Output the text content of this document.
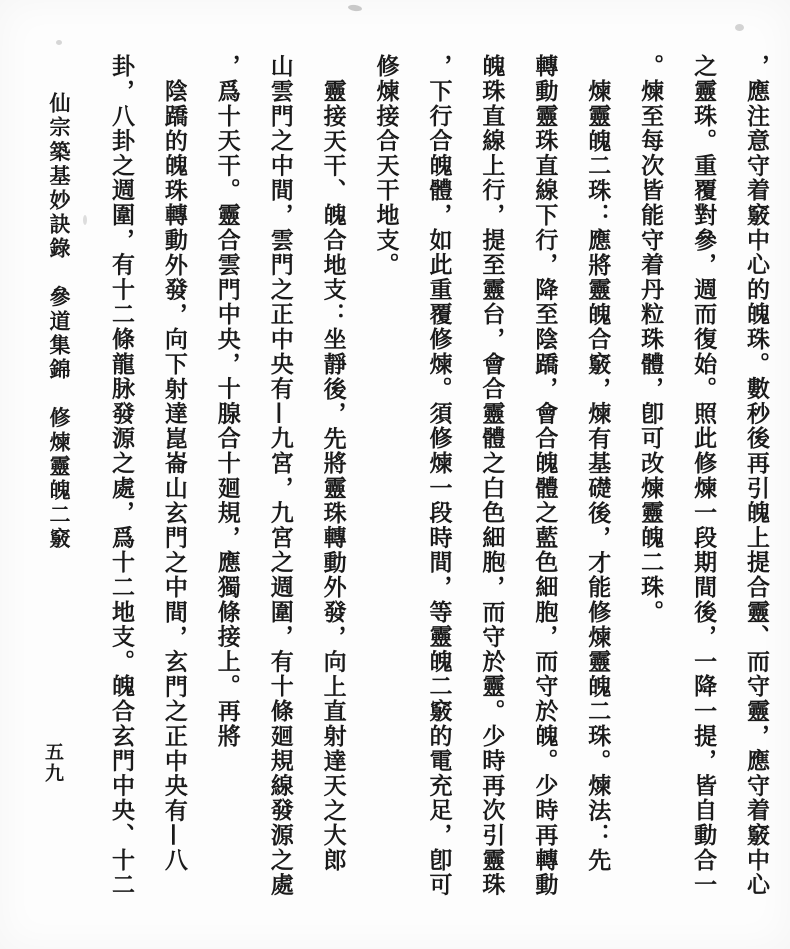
仙宗築基妙訣錄　參道集錦　修煉靈魄二竅
五九	，應注意守着竅中心的魄珠。數秒後再引魄上提合靈、而守靈，應守着竅中心
之靈珠。重覆對參，週而復始。照此修煉一段期間後，一降一提，皆自動合一
。煉至每次皆能守着丹粒珠體，卽可改煉靈魄二珠。
煉靈魄二珠：應將靈魄合竅，煉有基礎後，才能修煉靈魄二珠。煉法：先
轉動靈珠直線下行，降至陰蹻，會合魄體之藍色細胞，而守於魄。少時再轉動
魄珠直線上行，提至靈台，會合靈體之白色細胞，而守於靈。少時再次引靈珠
，下行合魄體，如此重覆修煉。須修煉一段時間，等靈魄二竅的電充足，卽可
修煉接合天干地支。
靈接天干、魄合地支：坐靜後，先將靈珠轉動外發，向上直射達天之大郎
山雲門之中間，雲門之正中央有—九宮，九宮之週圍，有十條廻規線發源之處
，爲十天干。靈合雲門中央，十腺合十廻規，應獨條接上。再將
陰蹻的魄珠轉動外發，向下射達崑崙山玄門之中間，玄門之正中央有—八
卦，八卦之週圍，有十二條龍脉發源之處，爲十二地支。魄合玄門中央、十二
